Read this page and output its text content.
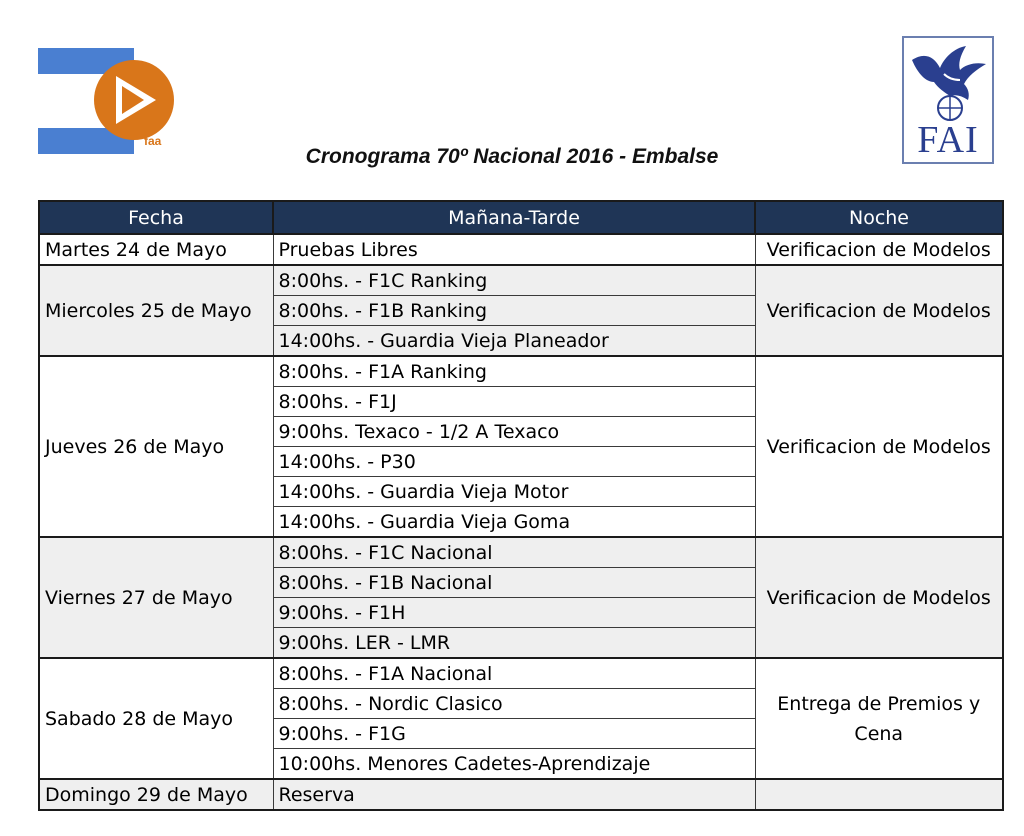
faa	FAI
Cronograma 70º Nacional 2016 - Embalse
Fecha	Mañana-Tarde	Noche
Martes 24 de Mayo	Pruebas Libres	Verificacion de Modelos
Miercoles 25 de Mayo	8:00hs. - F1C Ranking	Verificacion de Modelos
	8:00hs. - F1B Ranking	
	14:00hs. - Guardia Vieja Planeador	
Jueves 26 de Mayo	8:00hs. - F1A Ranking	Verificacion de Modelos
	8:00hs. - F1J	
	9:00hs. Texaco - 1/2 A Texaco	
	14:00hs. - P30	
	14:00hs. - Guardia Vieja Motor	
	14:00hs. - Guardia Vieja Goma	
Viernes 27 de Mayo	8:00hs. - F1C Nacional	Verificacion de Modelos
	8:00hs. - F1B Nacional	
	9:00hs. - F1H	
	9:00hs. LER - LMR	
Sabado 28 de Mayo	8:00hs. - F1A Nacional	Entrega de Premios y Cena
	8:00hs. - Nordic Clasico	
	9:00hs. - F1G	
	10:00hs. Menores Cadetes-Aprendizaje	
Domingo 29 de Mayo	Reserva	
